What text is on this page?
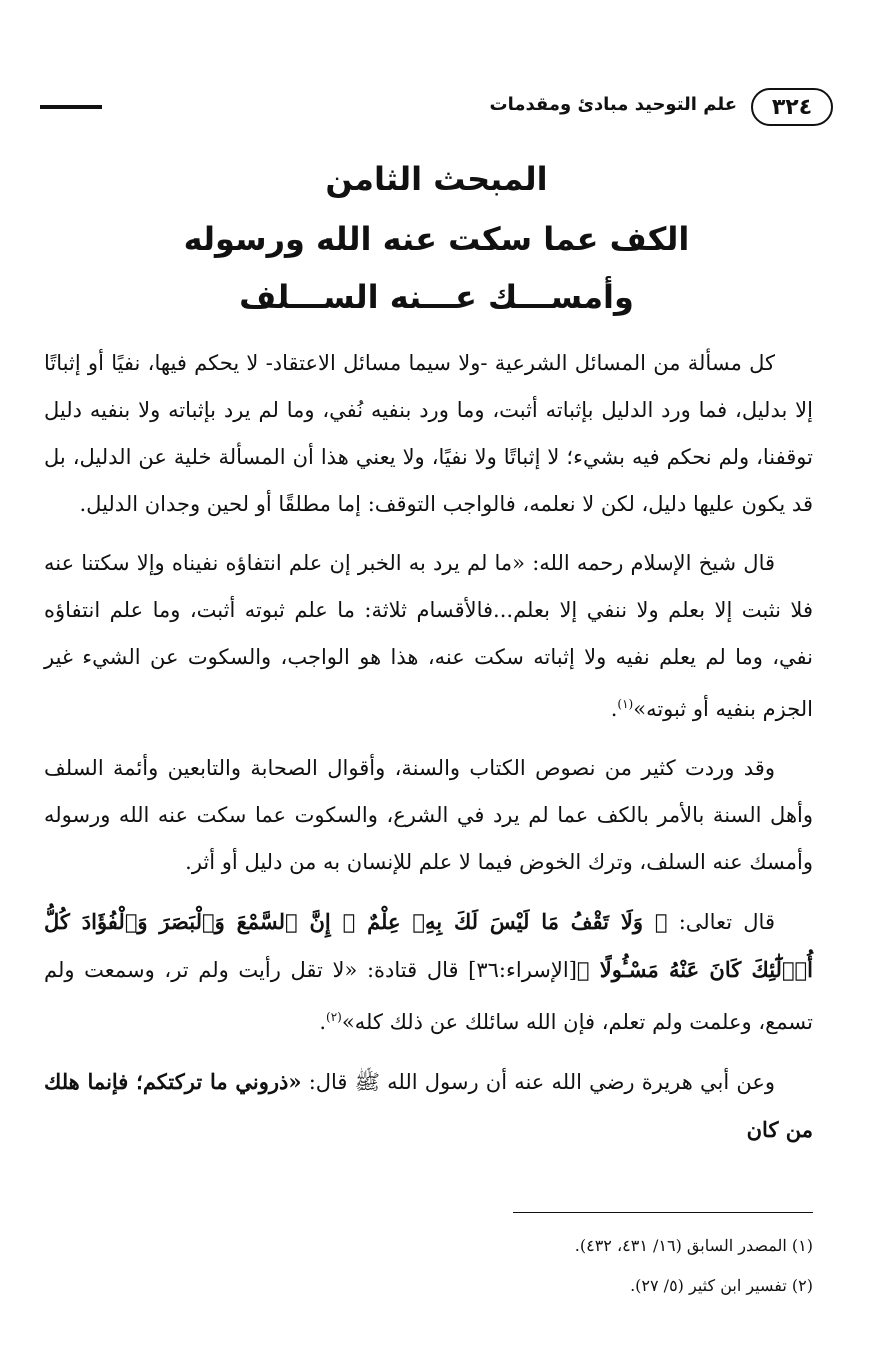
٣٢٤
علم التوحيد مبادئ ومقدمات
المبحث الثامن
الكف عما سكت عنه الله ورسوله
وأمســـك عـــنه الســـلف

كل مسألة من المسائل الشرعية -ولا سيما مسائل الاعتقاد- لا يحكم فيها، نفيًا أو إثباتًا إلا بدليل، فما ورد الدليل بإثباته أثبت، وما ورد بنفيه نُفي، وما لم يرد بإثباته ولا بنفيه دليل توقفنا، ولم نحكم فيه بشيء؛ لا إثباتًا ولا نفيًا، ولا يعني هذا أن المسألة خلية عن الدليل، بل قد يكون عليها دليل، لكن لا نعلمه، فالواجب التوقف: إما مطلقًا أو لحين وجدان الدليل.

قال شيخ الإسلام رحمه الله: «ما لم يرد به الخبر إن علم انتفاؤه نفيناه وإلا سكتنا عنه فلا نثبت إلا بعلم ولا ننفي إلا بعلم...فالأقسام ثلاثة: ما علم ثبوته أثبت، وما علم انتفاؤه نفي، وما لم يعلم نفيه ولا إثباته سكت عنه، هذا هو الواجب، والسكوت عن الشيء غير الجزم بنفيه أو ثبوته»$^{(١)}$.

وقد وردت كثير من نصوص الكتاب والسنة، وأقوال الصحابة والتابعين وأئمة السلف وأهل السنة بالأمر بالكف عما لم يرد في الشرع، والسكوت عما سكت عنه الله ورسوله وأمسك عنه السلف، وترك الخوض فيما لا علم للإنسان به من دليل أو أثر.

قال تعالى: ﴿ وَلَا تَقْفُ مَا لَيْسَ لَكَ بِهِۦ عِلْمٌ ۚ إِنَّ ٱلسَّمْعَ وَٱلْبَصَرَ وَٱلْفُؤَادَ كُلُّ أُو۟لَٰٓئِكَ كَانَ عَنْهُ مَسْـُٔولًا ﴾[الإسراء:٣٦] قال قتادة: «لا تقل رأيت ولم تر، وسمعت ولم تسمع، وعلمت ولم تعلم، فإن الله سائلك عن ذلك كله»$^{(٢)}$.

وعن أبي هريرة رضي الله عنه أن رسول الله ﷺ قال: «ذروني ما تركتكم؛ فإنما هلك من كان

(١) المصدر السابق (١٦/ ٤٣١، ٤٣٢).
(٢) تفسير ابن كثير (٥/ ٢٧).
